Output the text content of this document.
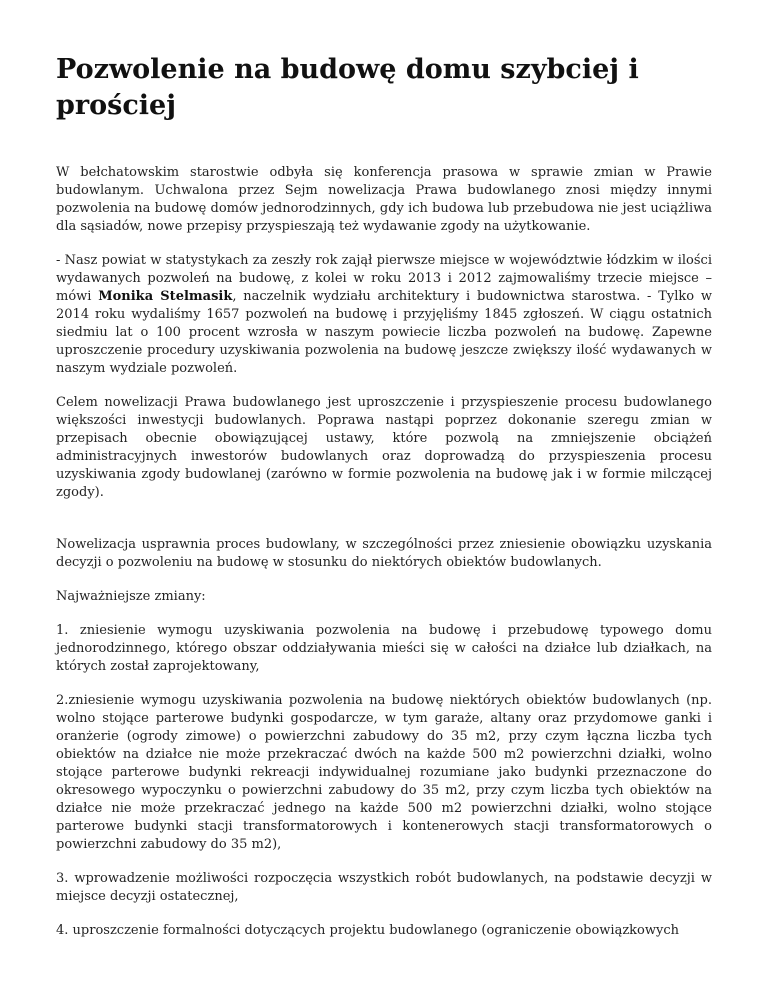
Pozwolenie na budowę domu szybciej i prościej

W bełchatowskim starostwie odbyła się konferencja prasowa w sprawie zmian w Prawie budowlanym. Uchwalona przez Sejm nowelizacja Prawa budowlanego znosi między innymi pozwolenia na budowę domów jednorodzinnych, gdy ich budowa lub przebudowa nie jest uciążliwa dla sąsiadów, nowe przepisy przyspieszają też wydawanie zgody na użytkowanie.

- Nasz powiat w statystykach za zeszły rok zajął pierwsze miejsce w województwie łódzkim w ilości wydawanych pozwoleń na budowę, z kolei w roku 2013 i 2012 zajmowaliśmy trzecie miejsce – mówi Monika Stelmasik, naczelnik wydziału architektury i budownictwa starostwa. - Tylko w 2014 roku wydaliśmy 1657 pozwoleń na budowę i przyjęliśmy 1845 zgłoszeń. W ciągu ostatnich siedmiu lat o 100 procent wzrosła w naszym powiecie liczba pozwoleń na budowę. Zapewne uproszczenie procedury uzyskiwania pozwolenia na budowę jeszcze zwiększy ilość wydawanych w naszym wydziale pozwoleń.

Celem nowelizacji Prawa budowlanego jest uproszczenie i przyspieszenie procesu budowlanego większości inwestycji budowlanych. Poprawa nastąpi poprzez dokonanie szeregu zmian w przepisach obecnie obowiązującej ustawy, które pozwolą na zmniejszenie obciążeń administracyjnych inwestorów budowlanych oraz doprowadzą do przyspieszenia procesu uzyskiwania zgody budowlanej (zarówno w formie pozwolenia na budowę jak i w formie milczącej zgody).

Nowelizacja usprawnia proces budowlany, w szczególności przez zniesienie obowiązku uzyskania decyzji o pozwoleniu na budowę w stosunku do niektórych obiektów budowlanych.

Najważniejsze zmiany:

1. zniesienie wymogu uzyskiwania pozwolenia na budowę i przebudowę typowego domu jednorodzinnego, którego obszar oddziaływania mieści się w całości na działce lub działkach, na których został zaprojektowany,

2.zniesienie wymogu uzyskiwania pozwolenia na budowę niektórych obiektów budowlanych (np. wolno stojące parterowe budynki gospodarcze, w tym garaże, altany oraz przydomowe ganki i oranżerie (ogrody zimowe) o powierzchni zabudowy do 35 m2, przy czym łączna liczba tych obiektów na działce nie może przekraczać dwóch na każde 500 m2 powierzchni działki, wolno stojące parterowe budynki rekreacji indywidualnej rozumiane jako budynki przeznaczone do okresowego wypoczynku o powierzchni zabudowy do 35 m2, przy czym liczba tych obiektów na działce nie może przekraczać jednego na każde 500 m2 powierzchni działki, wolno stojące parterowe budynki stacji transformatorowych i kontenerowych stacji transformatorowych o powierzchni zabudowy do 35 m2),

3. wprowadzenie możliwości rozpoczęcia wszystkich robót budowlanych, na podstawie decyzji w miejsce decyzji ostatecznej,

4. uproszczenie formalności dotyczących projektu budowlanego (ograniczenie obowiązkowych
